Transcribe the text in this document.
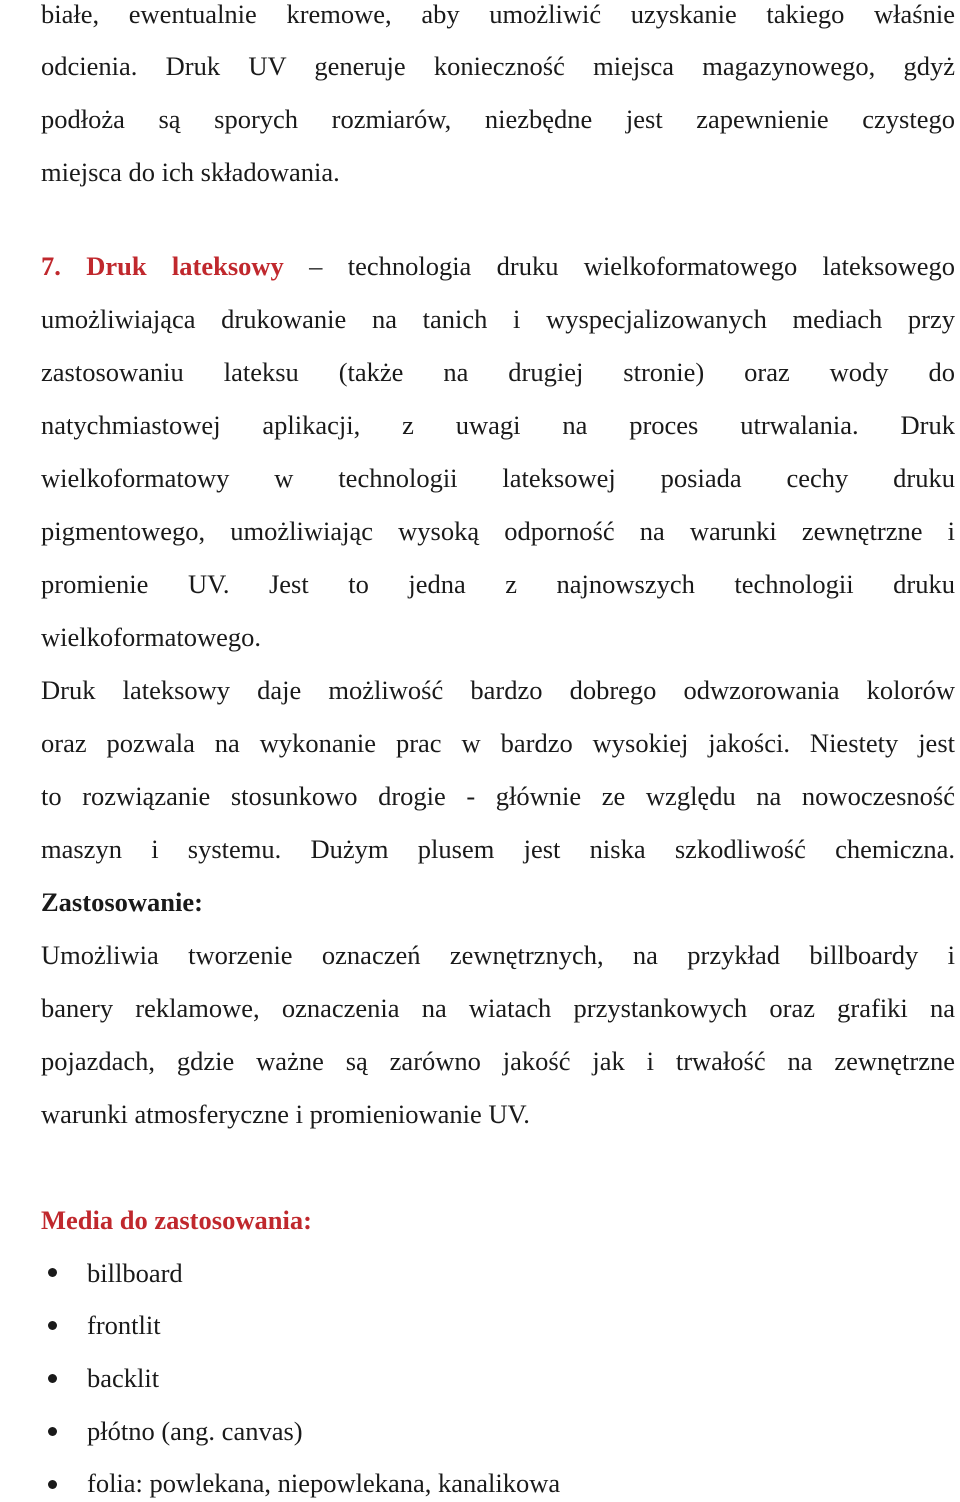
białe, ewentualnie kremowe, aby umożliwić uzyskanie takiego właśnie
odcienia. Druk UV generuje konieczność miejsca magazynowego, gdyż
podłoża są sporych rozmiarów, niezbędne jest zapewnienie czystego
miejsca do ich składowania.
7. Druk lateksowy – technologia druku wielkoformatowego lateksowego
umożliwiająca drukowanie na tanich i wyspecjalizowanych mediach przy
zastosowaniu lateksu (także na drugiej stronie) oraz wody do
natychmiastowej aplikacji, z uwagi na proces utrwalania. Druk
wielkoformatowy w technologii lateksowej posiada cechy druku
pigmentowego, umożliwiając wysoką odporność na warunki zewnętrzne i
promienie UV. Jest to jedna z najnowszych technologii druku
wielkoformatowego.
Druk lateksowy daje możliwość bardzo dobrego odwzorowania kolorów
oraz pozwala na wykonanie prac w bardzo wysokiej jakości. Niestety jest
to rozwiązanie stosunkowo drogie - głównie ze względu na nowoczesność
maszyn i systemu. Dużym plusem jest niska szkodliwość chemiczna.
Zastosowanie:
Umożliwia tworzenie oznaczeń zewnętrznych, na przykład billboardy i
banery reklamowe, oznaczenia na wiatach przystankowych oraz grafiki na
pojazdach, gdzie ważne są zarówno jakość jak i trwałość na zewnętrzne
warunki atmosferyczne i promieniowanie UV.
Media do zastosowania:
billboard
frontlit
backlit
płótno (ang. canvas)
folia: powlekana, niepowlekana, kanalikowa
